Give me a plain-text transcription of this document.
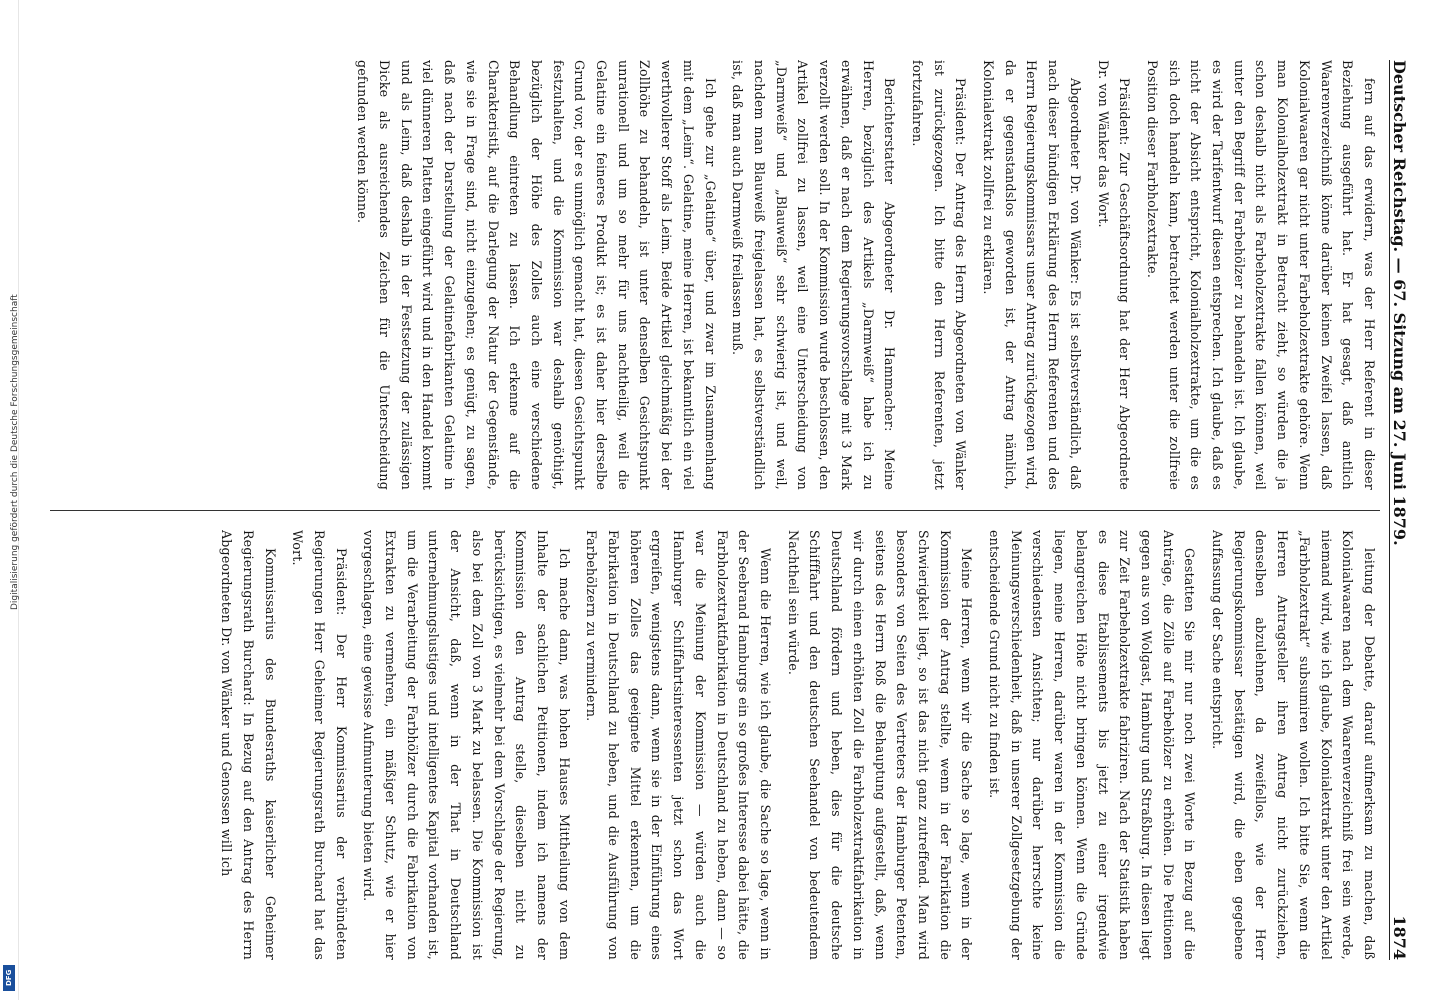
Digitalisierung gefördert durch die Deutsche Forschungsgemeinschaft
DFG
Deutscher Reichstag. — 67. Sitzung am 27. Juni 1879.
1874

fern auf das erwidern, was der Herr Referent in dieser Beziehung ausgeführt hat. Er hat gesagt, daß amtlich Waarenverzeichniß könne darüber keinen Zweifel lassen, daß Kolonialwaaren gar nicht unter Farbeholzextrakte gehöre. Wenn man Kolonialholzextrakt in Betracht zieht, so würden die ja schon deshalb nicht als Farbeholzextrakte fallen können, weil unter den Begriff der Farbehölzer zu behandeln ist. Ich glaube, es wird der Tarifentwurf diesen entsprechen. Ich glaube, daß es nicht der Absicht entspricht, Kolonialholzextrakte, um die es sich doch handeln kann, betrachtet werden unter die zollfreie Position dieser Farbholzextrakte.

Präsident: Zur Geschäftsordnung hat der Herr Abgeordnete Dr. von Wänker das Wort.

Abgeordneter Dr. von Wänker: Es ist selbstverständlich, daß nach dieser bündigen Erklärung des Herrn Referenten und des Herrn Regierungskommissars unser Antrag zurückgezogen wird, da er gegenstandslos geworden ist, der Antrag nämlich, Kolonialextrakt zollfrei zu erklären.

Präsident: Der Antrag des Herrn Abgeordneten von Wänker ist zurückgezogen. Ich bitte den Herrn Referenten, jetzt fortzufahren.

Berichterstatter Abgeordneter Dr. Hammacher: Meine Herren, bezüglich des Artikels „Darmweiß“ habe ich zu erwähnen, daß er nach dem Regierungsvorschlage mit 3 Mark verzollt werden soll. In der Kommission wurde beschlossen, den Artikel zollfrei zu lassen, weil eine Unterscheidung von „Darmweiß“ und „Blauweiß“ sehr schwierig ist, und weil, nachdem man Blauweiß freigelassen hat, es selbstverständlich ist, daß man auch Darmweiß freilassen muß.

Ich gehe zur „Gelatine“ über, und zwar im Zusammenhang mit dem „Leim“. Gelatine, meine Herren, ist bekanntlich ein viel werthvollerer Stoff als Leim. Beide Artikel gleichmäßig bei der Zollhöhe zu behandeln, ist unter denselben Gesichtspunkt unrationell und um so mehr für uns nachtheilig, weil die Gelatine ein feineres Produkt ist; es ist daher hier derselbe Grund vor, der es unmöglich gemacht hat, diesen Gesichtspunkt festzuhalten, und die Kommission war deshalb genöthigt, bezüglich der Höhe des Zolles auch eine verschiedene Behandlung eintreten zu lassen. Ich erkenne auf die Charakteristik, auf die Darlegung der Natur der Gegenstände, wie sie in Frage sind, nicht einzugehen; es genügt, zu sagen, daß nach der Darstellung der Gelatinefabrikanten Gelatine in viel dünneren Platten eingeführt wird und in den Handel kommt und als Leim, daß deshalb in der Festsetzung der zulässigen Dicke als ausreichendes Zeichen für die Unterscheidung gefunden werden könne.

leitung der Debatte, darauf aufmerksam zu machen, daß Kolonialwaaren nach dem Waarenverzeichniß frei sein werde, niemand wird, wie ich glaube, Kolonialextrakt unter den Artikel „Farbholzextrakt“ subsumiren wollen. Ich bitte Sie, wenn die Herren Antragsteller ihren Antrag nicht zurückziehen, denselben abzulehnen, da zweifellos, wie der Herr Regierungskommissar bestätigen wird, die eben gegebene Auffassung der Sache entspricht.

Gestatten Sie mir nur noch zwei Worte in Bezug auf die Anträge, die Zölle auf Farbehölzer zu erhöhen. Die Petitionen gegen aus von Wolgast, Hamburg und Straßburg. In diesen liegt zur Zeit Farbeholzextrakte fabriziren. Nach der Statistik haben es diese Etablissements bis jetzt zu einer irgendwie belangreichen Höhe nicht bringen können. Wenn die Gründe liegen, meine Herren, darüber waren in der Kommission die verschiedensten Ansichten; nur darüber herrschte keine Meinungsverschiedenheit, daß in unserer Zollgesetzgebung der entscheidende Grund nicht zu finden ist.

Meine Herren, wenn wir die Sache so lage, wenn in der Kommission der Antrag stellte, wenn in der Fabrikation die Schwierigkeit liegt, so ist das nicht ganz zutreffend. Man wird besonders von Seiten des Vertreters der Hamburger Petenten, seitens des Herrn Roß die Behauptung aufgestellt, daß, wenn wir durch einen erhöhten Zoll die Farbholzextraktfabrikation in Deutschland fördern und heben, dies für die deutsche Schifffahrt und den deutschen Seehandel von bedeutendem Nachtheil sein würde.

Wenn die Herren, wie ich glaube, die Sache so lage, wenn in der Seebrand Hamburgs ein so großes Interesse dabei hätte, die Farbholzextraktfabrikation in Deutschland zu heben, dann — so war die Meinung der Kommission — würden auch die Hamburger Schiffahrtsinteressenten jetzt schon das Wort ergreifen, wenigstens dann, wenn sie in der Einführung eines höheren Zolles das geeignete Mittel erkennten, um die Fabrikation in Deutschland zu heben, und die Ausführung von Farbehölzern zu vermindern.

Ich mache dann, was hohen Hauses Mittheilung von dem Inhalte der sachlichen Petitionen, indem ich namens der Kommission den Antrag stelle, dieselben nicht zu berücksichtigen, es vielmehr bei dem Vorschlage der Regierung, also bei dem Zoll von 3 Mark zu belassen. Die Kommission ist der Ansicht, daß, wenn in der That in Deutschland unternehmungslustiges und intelligentes Kapital vorhanden ist, um die Verarbeitung der Farbhölzer durch die Fabrikation von Extrakten zu vermehren, ein mäßiger Schutz, wie er hier vorgeschlagen, eine gewisse Aufmunterung bieten wird.

Präsident: Der Herr Kommissarius der verbündeten Regierungen Herr Geheimer Regierungsrath Burchard hat das Wort.

Kommissarius des Bundesraths kaiserlicher Geheimer Regierungsrath Burchard: In Bezug auf den Antrag des Herrn Abgeordneten Dr. von Wänker und Genossen will ich
